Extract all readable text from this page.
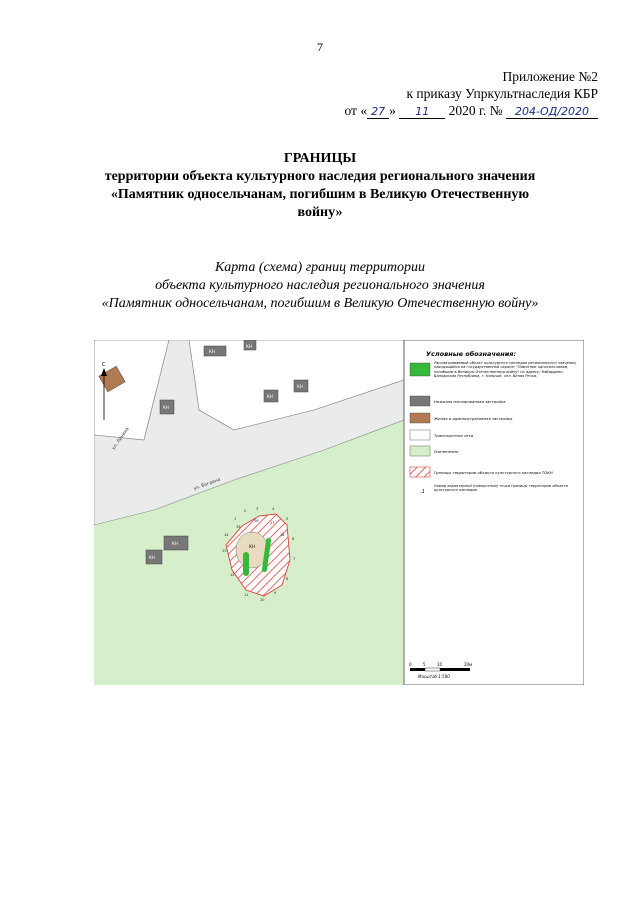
7
Приложение №2
к приказу Упркультнаследия КБР
от « 27 » 11 2020 г. № 204-ОД/2020
ГРАНИЦЫ
территории объекта культурного наследия регионального значения
«Памятник односельчанам, погибшим в Великую Отечественную
войну»
Карта (схема) границ территории
объекта культурного наследия регионального значения
«Памятник односельчанам, погибшим в Великую Отечественную войну»
КН
КН
КН
КН
КН
КН
КН
С
ул. Ленина
ул. Богдана
КН
1
2	3	4
5
6
7
8
9
10
11
12
13
14
15
16	17
18
Условные обозначения:
Рассматриваемый объект культурного наследия регионального значения, находящийся на государственной охране: "Памятник односельчанам, погибшим в Великую Отечественную войну" по адресу: Кабардино-Балкарская Республика, г. Нальчик, сел. Белая Речка.
Нежилая изолированная застройка
Жилая и административная застройка
Транспортные сети
Озеленение
Границы территории объекта культурного наследия ТОКН
.1
Номер характерной (поворотной) точки границы территории объекта культурного наследия
0	5	10	20м
Масштаб 1:500
